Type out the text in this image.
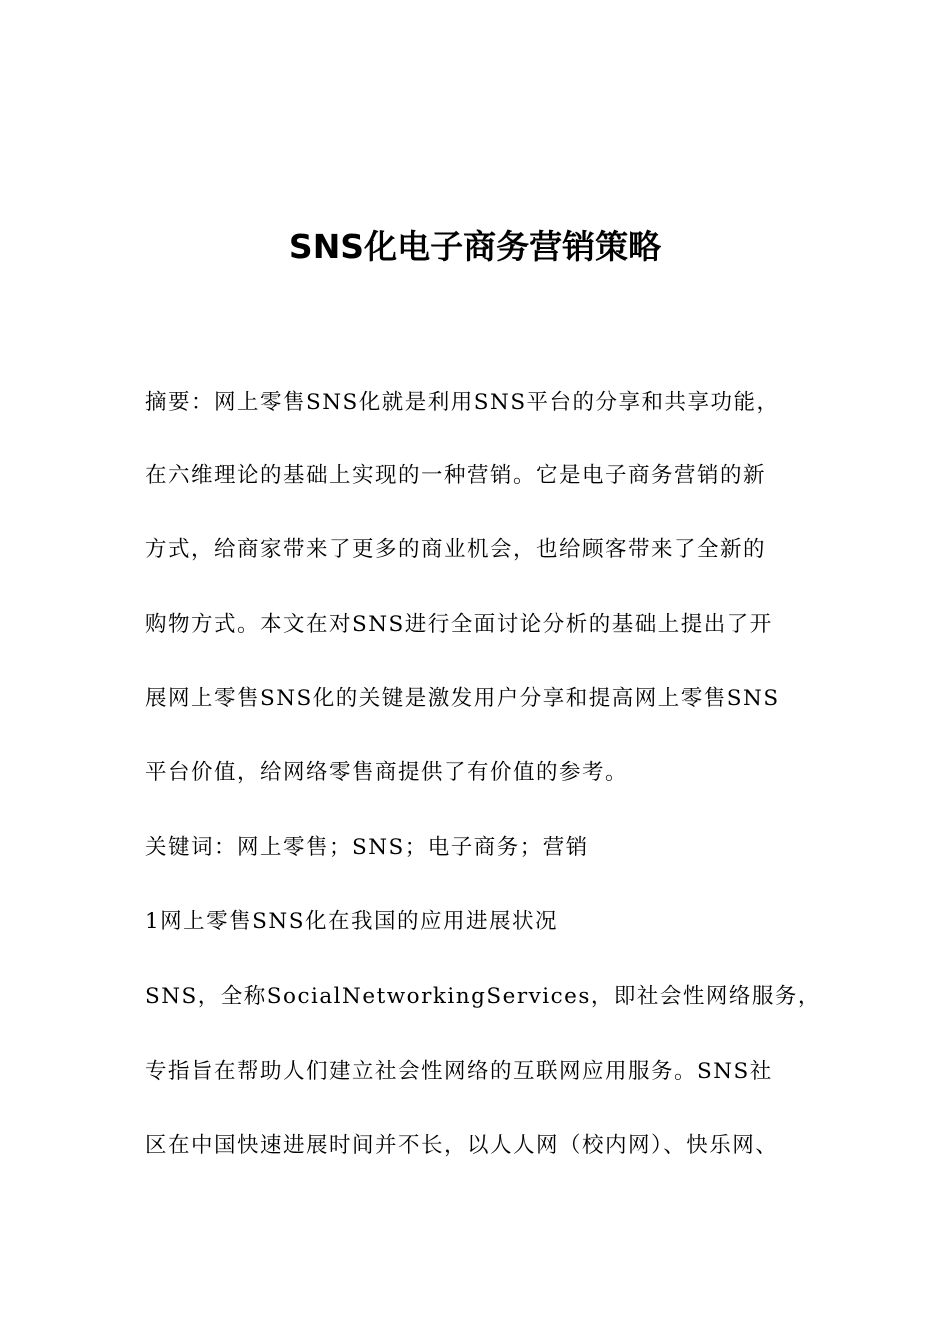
SNS化电子商务营销策略
摘要：网上零售SNS化就是利用SNS平台的分享和共享功能，
在六维理论的基础上实现的一种营销。它是电子商务营销的新
方式，给商家带来了更多的商业机会，也给顾客带来了全新的
购物方式。本文在对SNS进行全面讨论分析的基础上提出了开
展网上零售SNS化的关键是激发用户分享和提高网上零售SNS
平台价值，给网络零售商提供了有价值的参考。
关键词：网上零售；SNS；电子商务；营销
1网上零售SNS化在我国的应用进展状况
SNS，全称SocialNetworkingServices，即社会性网络服务，
专指旨在帮助人们建立社会性网络的互联网应用服务。SNS社
区在中国快速进展时间并不长，以人人网（校内网）、快乐网、
